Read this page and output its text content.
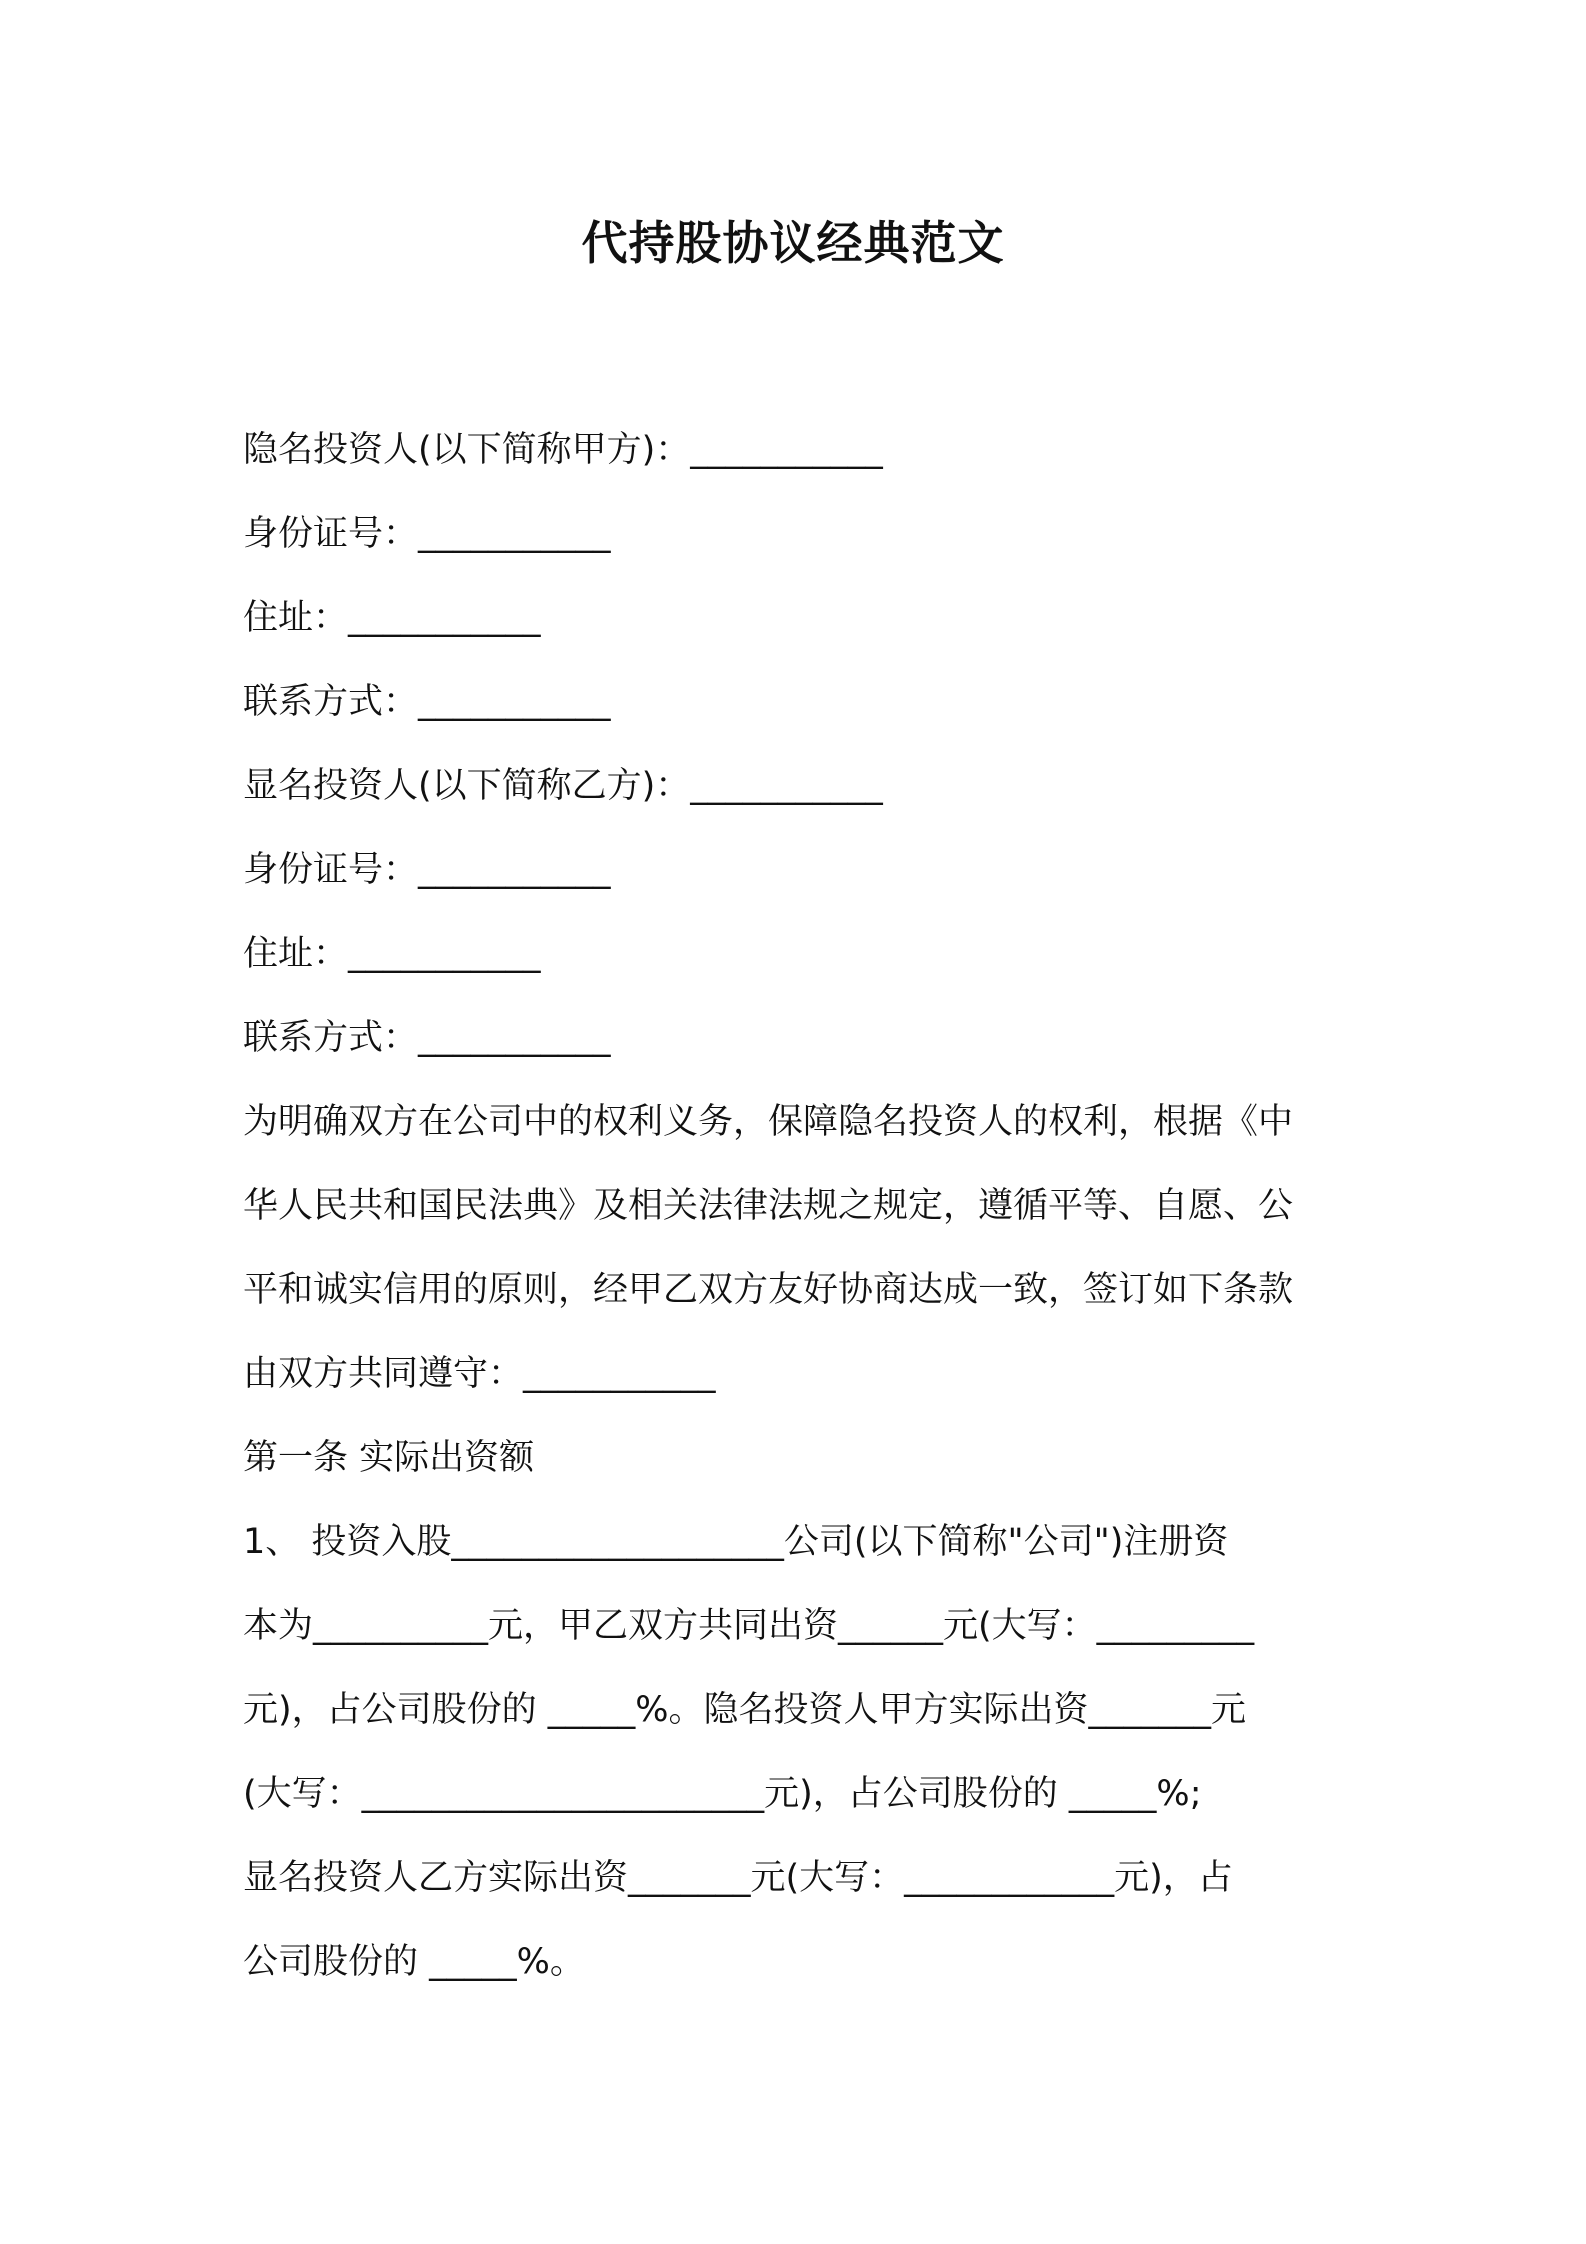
代持股协议经典范文
隐名投资人(以下简称甲方)：___________
身份证号：___________
住址：___________
联系方式：___________
显名投资人(以下简称乙方)：___________
身份证号：___________
住址：___________
联系方式：___________
为明确双方在公司中的权利义务，保障隐名投资人的权利，根据《中
华人民共和国民法典》及相关法律法规之规定，遵循平等、自愿、公
平和诚实信用的原则，经甲乙双方友好协商达成一致，签订如下条款
由双方共同遵守：___________
第一条 实际出资额
1、 投资入股___________________公司(以下简称"公司")注册资
本为__________元，甲乙双方共同出资______元(大写：_________
元)，占公司股份的 _____%。隐名投资人甲方实际出资_______元
(大写：_______________________元)，占公司股份的 _____%;
显名投资人乙方实际出资_______元(大写：____________元)，占
公司股份的 _____%。
